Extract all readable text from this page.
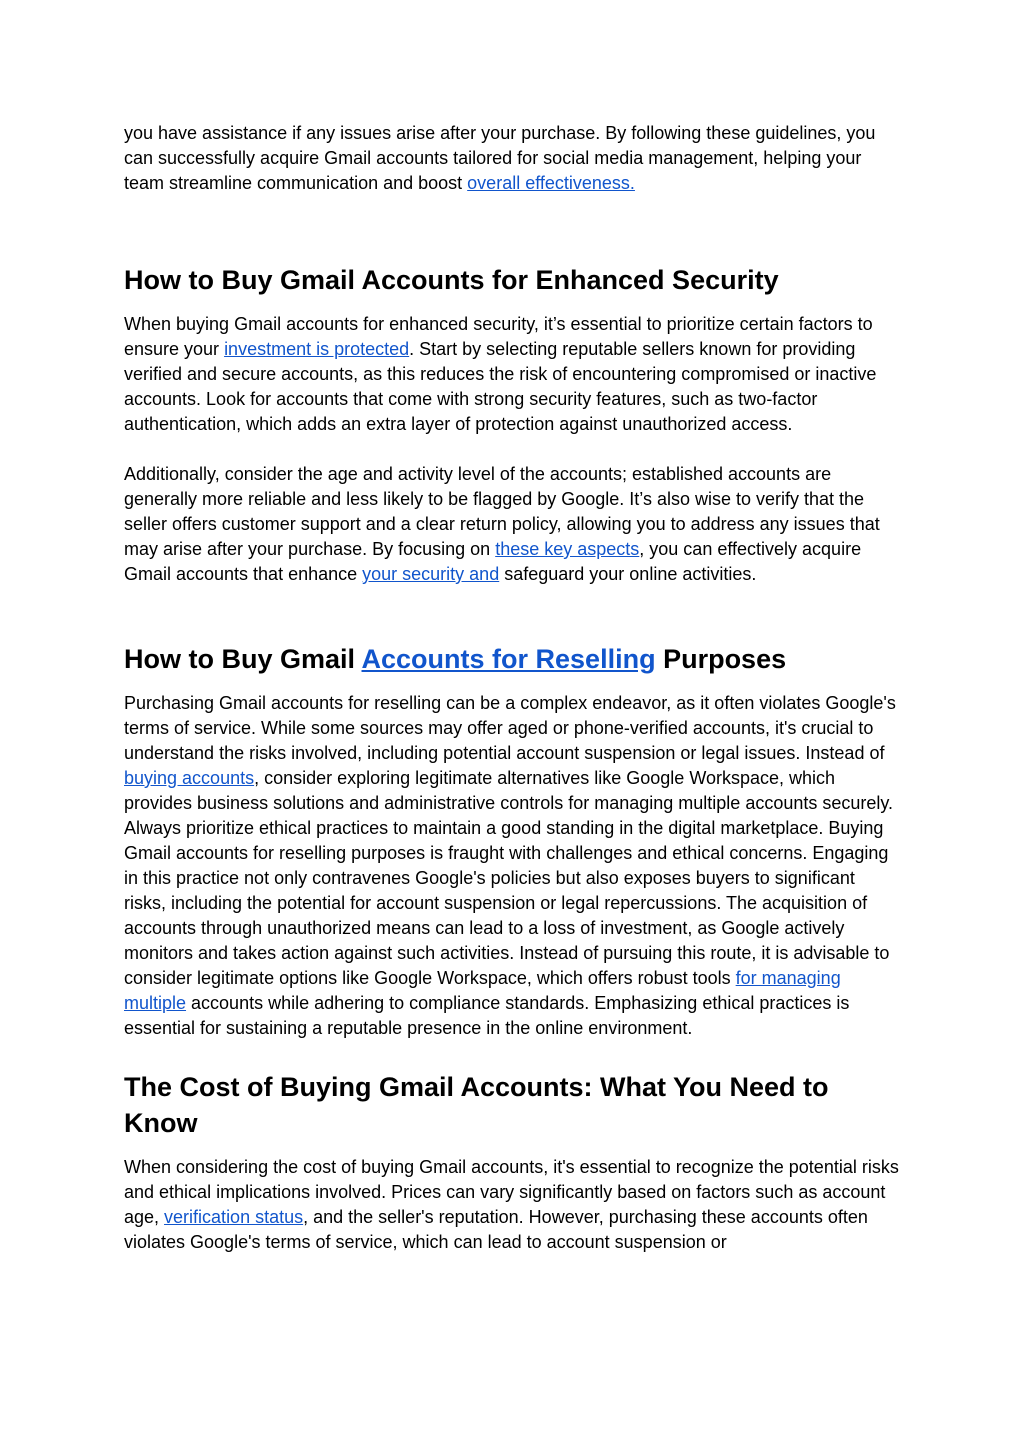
you have assistance if any issues arise after your purchase. By following these guidelines, you can successfully acquire Gmail accounts tailored for social media management, helping your team streamline communication and boost overall effectiveness.

How to Buy Gmail Accounts for Enhanced Security

When buying Gmail accounts for enhanced security, it’s essential to prioritize certain factors to ensure your investment is protected. Start by selecting reputable sellers known for providing verified and secure accounts, as this reduces the risk of encountering compromised or inactive accounts. Look for accounts that come with strong security features, such as two-factor authentication, which adds an extra layer of protection against unauthorized access.

Additionally, consider the age and activity level of the accounts; established accounts are generally more reliable and less likely to be flagged by Google. It’s also wise to verify that the seller offers customer support and a clear return policy, allowing you to address any issues that may arise after your purchase. By focusing on these key aspects, you can effectively acquire Gmail accounts that enhance your security and safeguard your online activities.

How to Buy Gmail Accounts for Reselling Purposes

Purchasing Gmail accounts for reselling can be a complex endeavor, as it often violates Google's terms of service. While some sources may offer aged or phone-verified accounts, it's crucial to understand the risks involved, including potential account suspension or legal issues. Instead of buying accounts, consider exploring legitimate alternatives like Google Workspace, which provides business solutions and administrative controls for managing multiple accounts securely. Always prioritize ethical practices to maintain a good standing in the digital marketplace. Buying Gmail accounts for reselling purposes is fraught with challenges and ethical concerns. Engaging in this practice not only contravenes Google's policies but also exposes buyers to significant risks, including the potential for account suspension or legal repercussions. The acquisition of accounts through unauthorized means can lead to a loss of investment, as Google actively monitors and takes action against such activities. Instead of pursuing this route, it is advisable to consider legitimate options like Google Workspace, which offers robust tools for managing multiple accounts while adhering to compliance standards. Emphasizing ethical practices is essential for sustaining a reputable presence in the online environment.

The Cost of Buying Gmail Accounts: What You Need to Know

When considering the cost of buying Gmail accounts, it's essential to recognize the potential risks and ethical implications involved. Prices can vary significantly based on factors such as account age, verification status, and the seller's reputation. However, purchasing these accounts often violates Google's terms of service, which can lead to account suspension or
